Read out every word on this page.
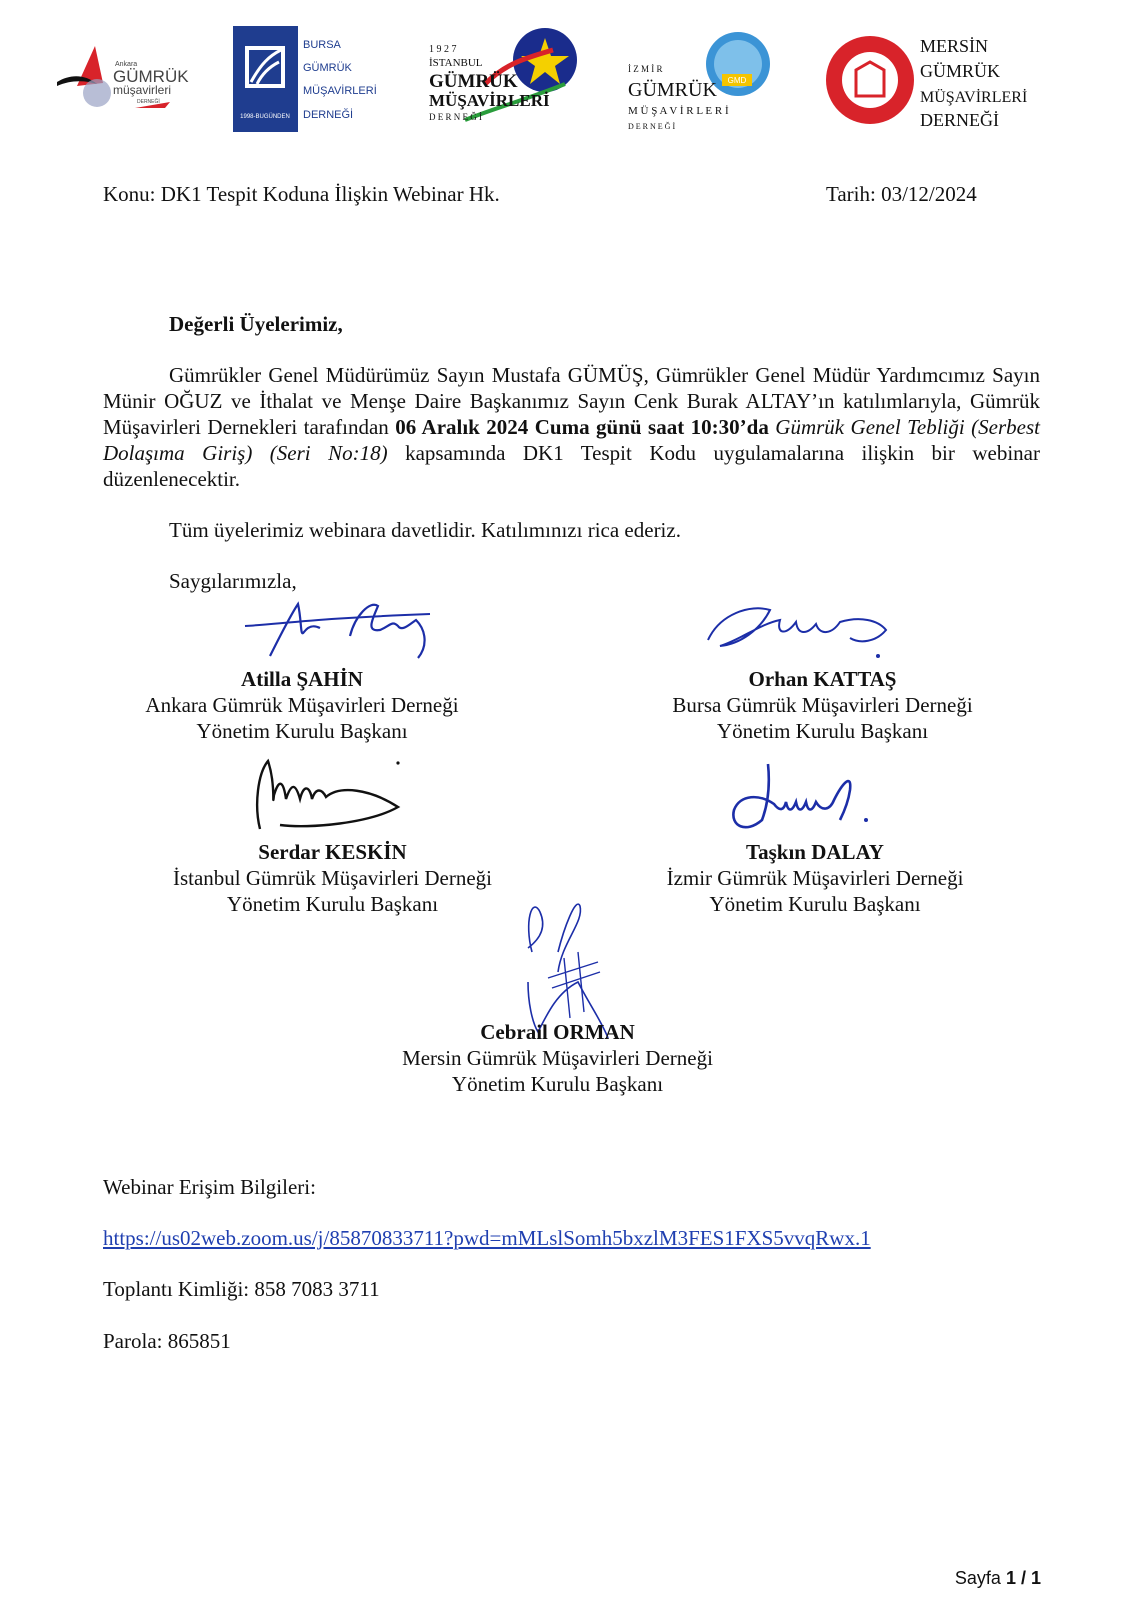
Ankara
GÜMRÜK
müşavirleri
DERNEĞİ
1998-BUGÜNDEN
BURSA
GÜMRÜK
MÜŞAVİRLERİ
DERNEĞİ
1 9 2 7
İSTANBUL
GÜMRÜK
MÜŞAVİRLERİ
D E R N E Ğ İ
GMD
İ Z M İ R
GÜMRÜK
M Ü Ş A V İ R L E R İ
D E R N E Ğ İ
MERSİN
GÜMRÜK
MÜŞAVİRLERİ
DERNEĞİ
Konu: DK1 Tespit Koduna İlişkin Webinar Hk.	Tarih: 03/12/2024
Değerli Üyelerimiz,
Gümrükler Genel Müdürümüz Sayın Mustafa GÜMÜŞ, Gümrükler Genel Müdür Yardımcımız Sayın Münir OĞUZ ve İthalat ve Menşe Daire Başkanımız Sayın Cenk Burak ALTAY’ın katılımlarıyla, Gümrük Müşavirleri Dernekleri tarafından 06 Aralık 2024 Cuma günü saat 10:30’da Gümrük Genel Tebliği (Serbest Dolaşıma Giriş) (Seri No:18) kapsamında DK1 Tespit Kodu uygulamalarına ilişkin bir webinar düzenlenecektir.
Tüm üyelerimiz webinara davetlidir. Katılımınızı rica ederiz.
Saygılarımızla,
Atilla ŞAHİN
Ankara Gümrük Müşavirleri Derneği
Yönetim Kurulu Başkanı
Orhan KATTAŞ
Bursa Gümrük Müşavirleri Derneği
Yönetim Kurulu Başkanı
Serdar KESKİN
İstanbul Gümrük Müşavirleri Derneği
Yönetim Kurulu Başkanı
Taşkın DALAY
İzmir Gümrük Müşavirleri Derneği
Yönetim Kurulu Başkanı
Cebrail ORMAN
Mersin Gümrük Müşavirleri Derneği
Yönetim Kurulu Başkanı
Webinar Erişim Bilgileri:
https://us02web.zoom.us/j/85870833711?pwd=mMLslSomh5bxzlM3FES1FXS5vvqRwx.1
Toplantı Kimliği: 858 7083 3711
Parola: 865851
Sayfa 1 / 1
